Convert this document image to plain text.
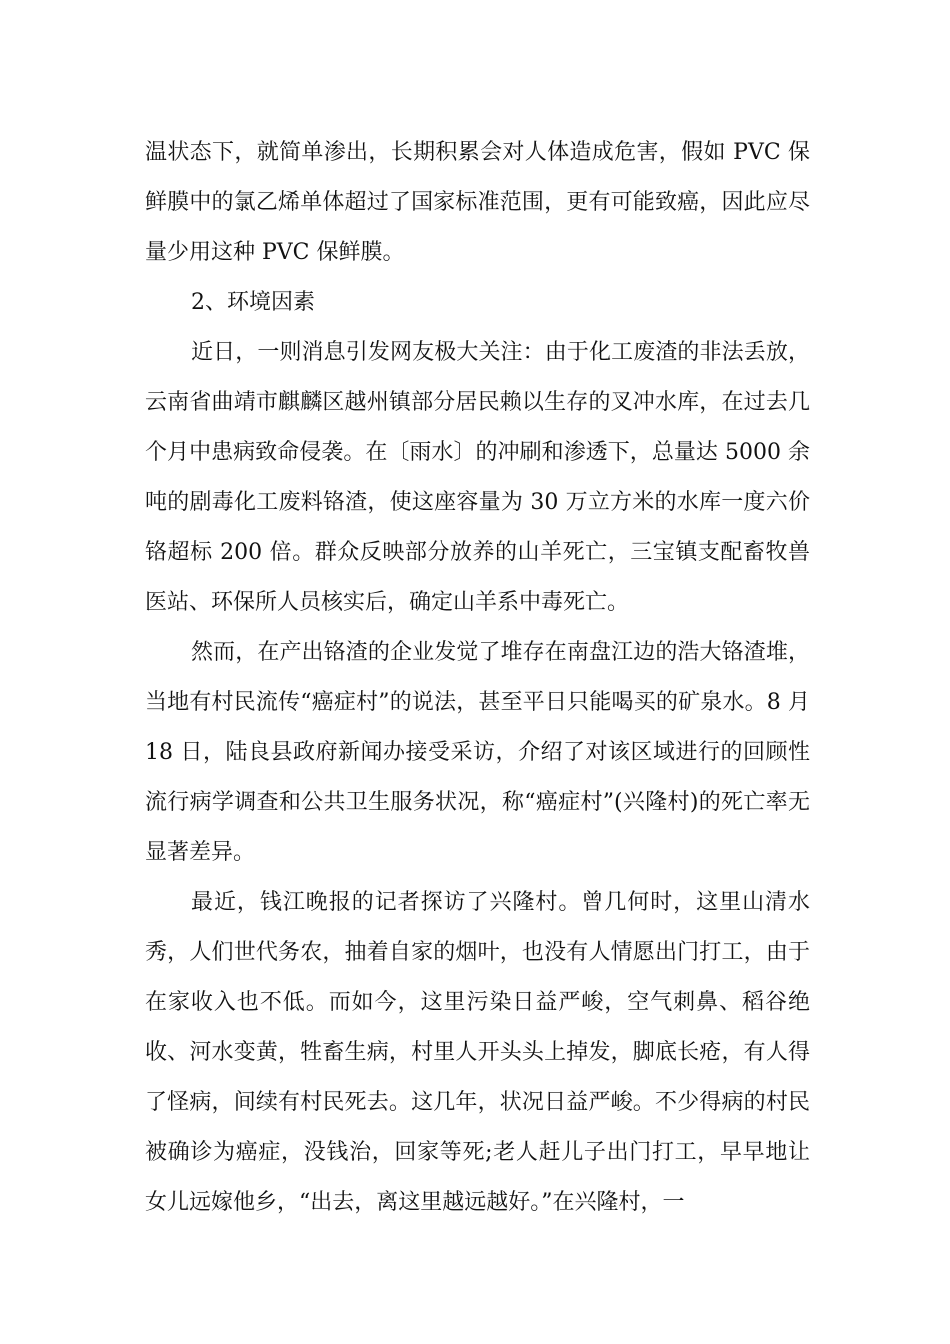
温状态下，就简单渗出，长期积累会对人体造成危害，假如 PVC 保鲜膜中的氯乙烯单体超过了国家标准范围，更有可能致癌，因此应尽量少用这种 PVC 保鲜膜。

2、环境因素

近日，一则消息引发网友极大关注：由于化工废渣的非法丢放，云南省曲靖市麒麟区越州镇部分居民赖以生存的叉冲水库，在过去几个月中患病致命侵袭。在〔雨水〕的冲刷和渗透下，总量达 5000 余吨的剧毒化工废料铬渣，使这座容量为 30 万立方米的水库一度六价铬超标 200 倍。群众反映部分放养的山羊死亡，三宝镇支配畜牧兽医站、环保所人员核实后，确定山羊系中毒死亡。

然而，在产出铬渣的企业发觉了堆存在南盘江边的浩大铬渣堆，当地有村民流传“癌症村”的说法，甚至平日只能喝买的矿泉水。8 月 18 日，陆良县政府新闻办接受采访，介绍了对该区域进行的回顾性流行病学调查和公共卫生服务状况，称“癌症村”(兴隆村)的死亡率无显著差异。

最近，钱江晚报的记者探访了兴隆村。曾几何时，这里山清水秀，人们世代务农，抽着自家的烟叶，也没有人情愿出门打工，由于在家收入也不低。而如今，这里污染日益严峻，空气刺鼻、稻谷绝收、河水变黄，牲畜生病，村里人开头头上掉发，脚底长疮，有人得了怪病，间续有村民死去。这几年，状况日益严峻。不少得病的村民被确诊为癌症，没钱治，回家等死;老人赶儿子出门打工，早早地让女儿远嫁他乡，“出去，离这里越远越好。”在兴隆村，一
